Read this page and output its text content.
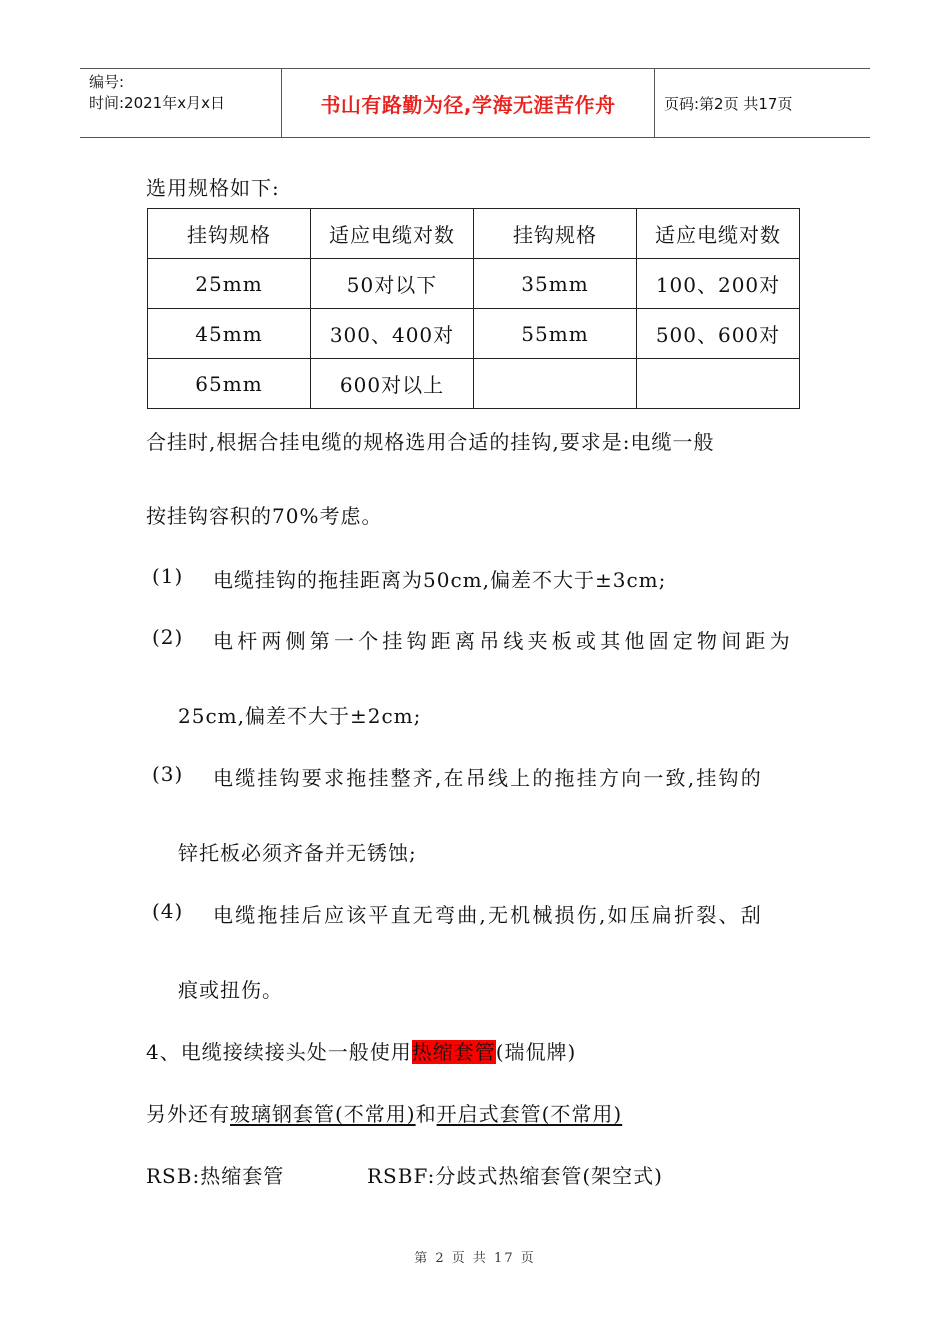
编号:
时间:2021年x月x日	书山有路勤为径,学海无涯苦作舟	页码:第2页 共17页
选用规格如下:
挂钩规格	适应电缆对数	挂钩规格	适应电缆对数
25mm	50对以下	35mm	100、200对
45mm	300、400对	55mm	500、600对
65mm	600对以上		
合挂时,根据合挂电缆的规格选用合适的挂钩,要求是:电缆一般
按挂钩容积的70%考虑。
(1) 电缆挂钩的拖挂距离为50cm,偏差不大于±3cm;
(2) 电杆两侧第一个挂钩距离吊线夹板或其他固定物间距为
25cm,偏差不大于±2cm;
(3) 电缆挂钩要求拖挂整齐,在吊线上的拖挂方向一致,挂钩的
锌托板必须齐备并无锈蚀;
(4) 电缆拖挂后应该平直无弯曲,无机械损伤,如压扁折裂、刮
痕或扭伤。
4、电缆接续接头处一般使用热缩套管(瑞侃牌)
另外还有玻璃钢套管(不常用)和开启式套管(不常用)
RSB:热缩套管	RSBF:分歧式热缩套管(架空式)
第 2 页 共 17 页
